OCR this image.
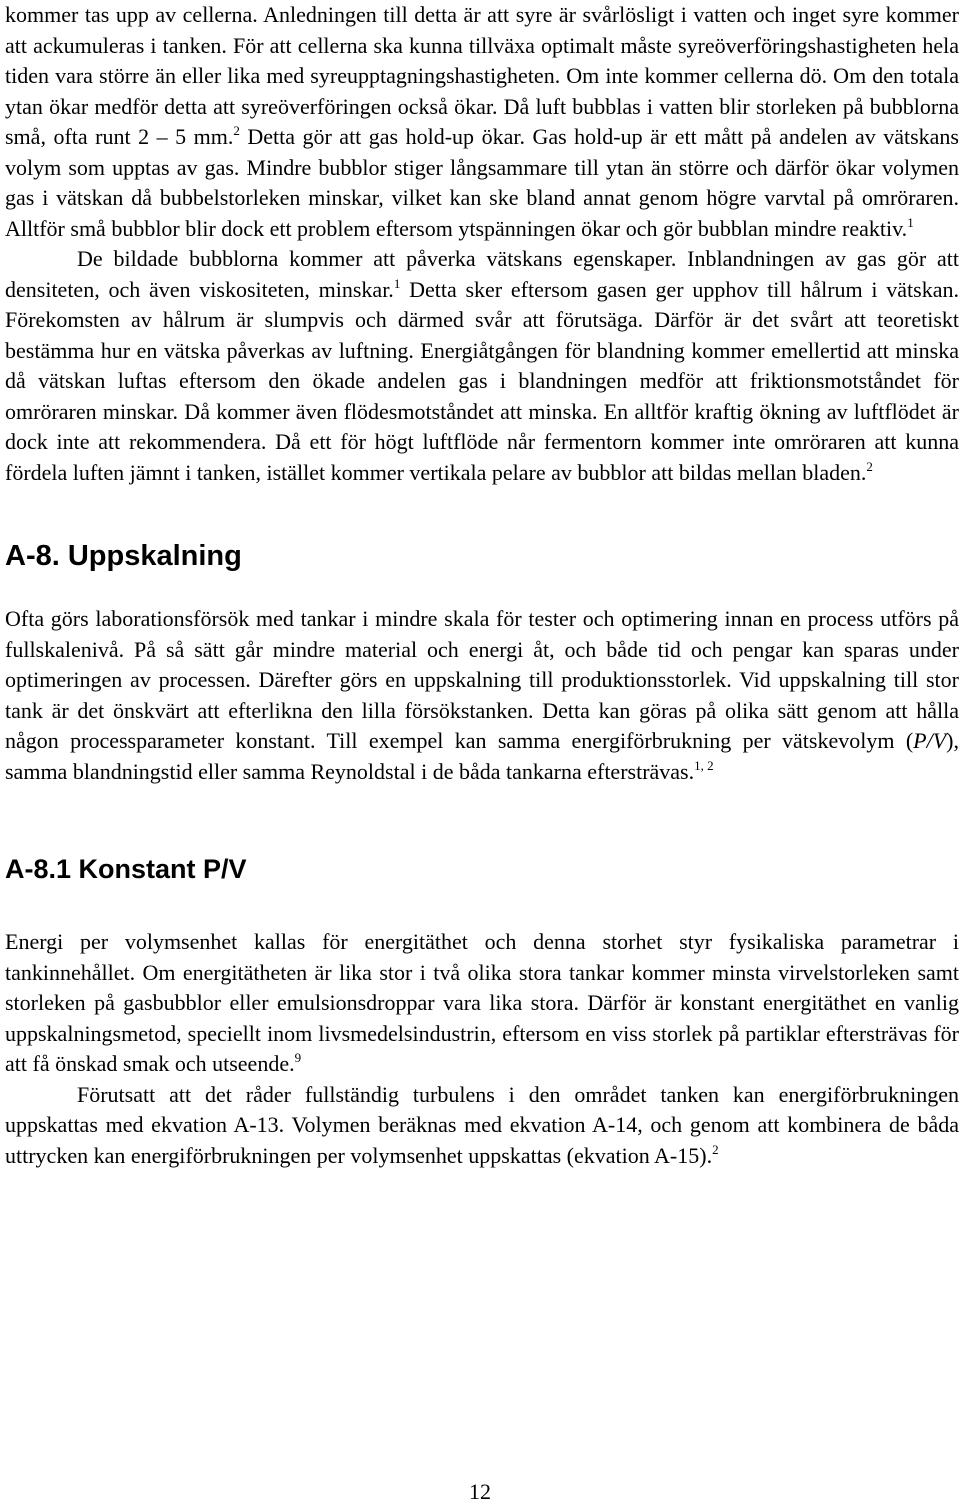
kommer tas upp av cellerna. Anledningen till detta är att syre är svårlösligt i vatten och inget syre kommer att ackumuleras i tanken. För att cellerna ska kunna tillväxa optimalt måste syreöverföringshastigheten hela tiden vara större än eller lika med syreupptagningshastigheten. Om inte kommer cellerna dö. Om den totala ytan ökar medför detta att syreöverföringen också ökar. Då luft bubblas i vatten blir storleken på bubblorna små, ofta runt 2 – 5 mm.$^2$ Detta gör att gas hold-up ökar. Gas hold-up är ett mått på andelen av vätskans volym som upptas av gas. Mindre bubblor stiger långsammare till ytan än större och därför ökar volymen gas i vätskan då bubbelstorleken minskar, vilket kan ske bland annat genom högre varvtal på omröraren. Alltför små bubblor blir dock ett problem eftersom ytspänningen ökar och gör bubblan mindre reaktiv.$^1$

De bildade bubblorna kommer att påverka vätskans egenskaper. Inblandningen av gas gör att densiteten, och även viskositeten, minskar.$^1$ Detta sker eftersom gasen ger upphov till hålrum i vätskan. Förekomsten av hålrum är slumpvis och därmed svår att förutsäga. Därför är det svårt att teoretiskt bestämma hur en vätska påverkas av luftning. Energiåtgången för blandning kommer emellertid att minska då vätskan luftas eftersom den ökade andelen gas i blandningen medför att friktionsmotståndet för omröraren minskar. Då kommer även flödesmotståndet att minska. En alltför kraftig ökning av luftflödet är dock inte att rekommendera. Då ett för högt luftflöde når fermentorn kommer inte omröraren att kunna fördela luften jämnt i tanken, istället kommer vertikala pelare av bubblor att bildas mellan bladen.$^2$

A-8. Uppskalning

Ofta görs laborationsförsök med tankar i mindre skala för tester och optimering innan en process utförs på fullskalenivå. På så sätt går mindre material och energi åt, och både tid och pengar kan sparas under optimeringen av processen. Därefter görs en uppskalning till produktionsstorlek. Vid uppskalning till stor tank är det önskvärt att efterlikna den lilla försökstanken. Detta kan göras på olika sätt genom att hålla någon processparameter konstant. Till exempel kan samma energiförbrukning per vätskevolym (P/V), samma blandningstid eller samma Reynoldstal i de båda tankarna eftersträvas.$^{1, 2}$

A-8.1 Konstant P/V

Energi per volymsenhet kallas för energitäthet och denna storhet styr fysikaliska parametrar i tankinnehållet. Om energitätheten är lika stor i två olika stora tankar kommer minsta virvelstorleken samt storleken på gasbubblor eller emulsionsdroppar vara lika stora. Därför är konstant energitäthet en vanlig uppskalningsmetod, speciellt inom livsmedelsindustrin, eftersom en viss storlek på partiklar eftersträvas för att få önskad smak och utseende.$^9$

Förutsatt att det råder fullständig turbulens i den området tanken kan energiförbrukningen uppskattas med ekvation A-13. Volymen beräknas med ekvation A-14, och genom att kombinera de båda uttrycken kan energiförbrukningen per volymsenhet uppskattas (ekvation A-15).$^2$

12
